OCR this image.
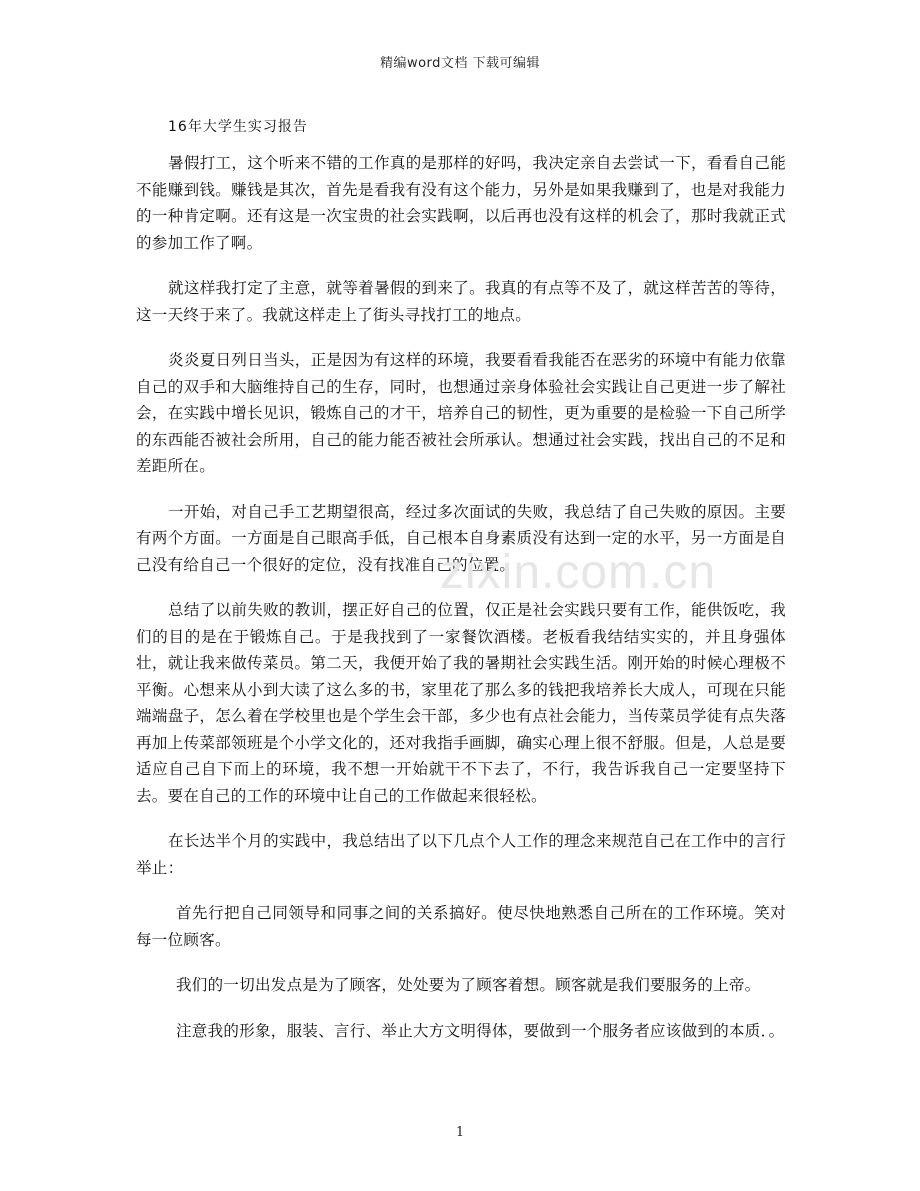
精编word文档 下载可编辑
16年大学生实习报告

暑假打工，这个听来不错的工作真的是那样的好吗，我决定亲自去尝试一下，看看自己能不能赚到钱。赚钱是其次，首先是看我有没有这个能力，另外是如果我赚到了，也是对我能力的一种肯定啊。还有这是一次宝贵的社会实践啊，以后再也没有这样的机会了，那时我就正式的参加工作了啊。

就这样我打定了主意，就等着暑假的到来了。我真的有点等不及了，就这样苦苦的等待，这一天终于来了。我就这样走上了街头寻找打工的地点。

炎炎夏日列日当头，正是因为有这样的环境，我要看看我能否在恶劣的环境中有能力依靠自己的双手和大脑维持自己的生存，同时，也想通过亲身体验社会实践让自己更进一步了解社会，在实践中增长见识，锻炼自己的才干，培养自己的韧性，更为重要的是检验一下自己所学的东西能否被社会所用，自己的能力能否被社会所承认。想通过社会实践，找出自己的不足和差距所在。

一开始，对自己手工艺期望很高，经过多次面试的失败，我总结了自己失败的原因。主要有两个方面。一方面是自己眼高手低，自己根本自身素质没有达到一定的水平，另一方面是自己没有给自己一个很好的定位，没有找准自己的位置。

总结了以前失败的教训，摆正好自己的位置，仅正是社会实践只要有工作，能供饭吃，我们的目的是在于锻炼自己。于是我找到了一家餐饮酒楼。老板看我结结实实的，并且身强体壮，就让我来做传菜员。第二天，我便开始了我的暑期社会实践生活。刚开始的时候心理极不平衡。心想来从小到大读了这么多的书，家里花了那么多的钱把我培养长大成人，可现在只能端端盘子，怎么着在学校里也是个学生会干部，多少也有点社会能力，当传菜员学徒有点失落再加上传菜部领班是个小学文化的，还对我指手画脚，确实心理上很不舒服。但是，人总是要适应自己自下而上的环境，我不想一开始就干不下去了，不行，我告诉我自己一定要坚持下去。要在自己的工作的环境中让自己的工作做起来很轻松。

在长达半个月的实践中，我总结出了以下几点个人工作的理念来规范自己在工作中的言行举止：

首先行把自己同领导和同事之间的关系搞好。使尽快地熟悉自己所在的工作环境。笑对每一位顾客。

我们的一切出发点是为了顾客，处处要为了顾客着想。顾客就是我们要服务的上帝。

注意我的形象，服装、言行、举止大方文明得体，要做到一个服务者应该做到的本质．。

zixin.com.cn
1
